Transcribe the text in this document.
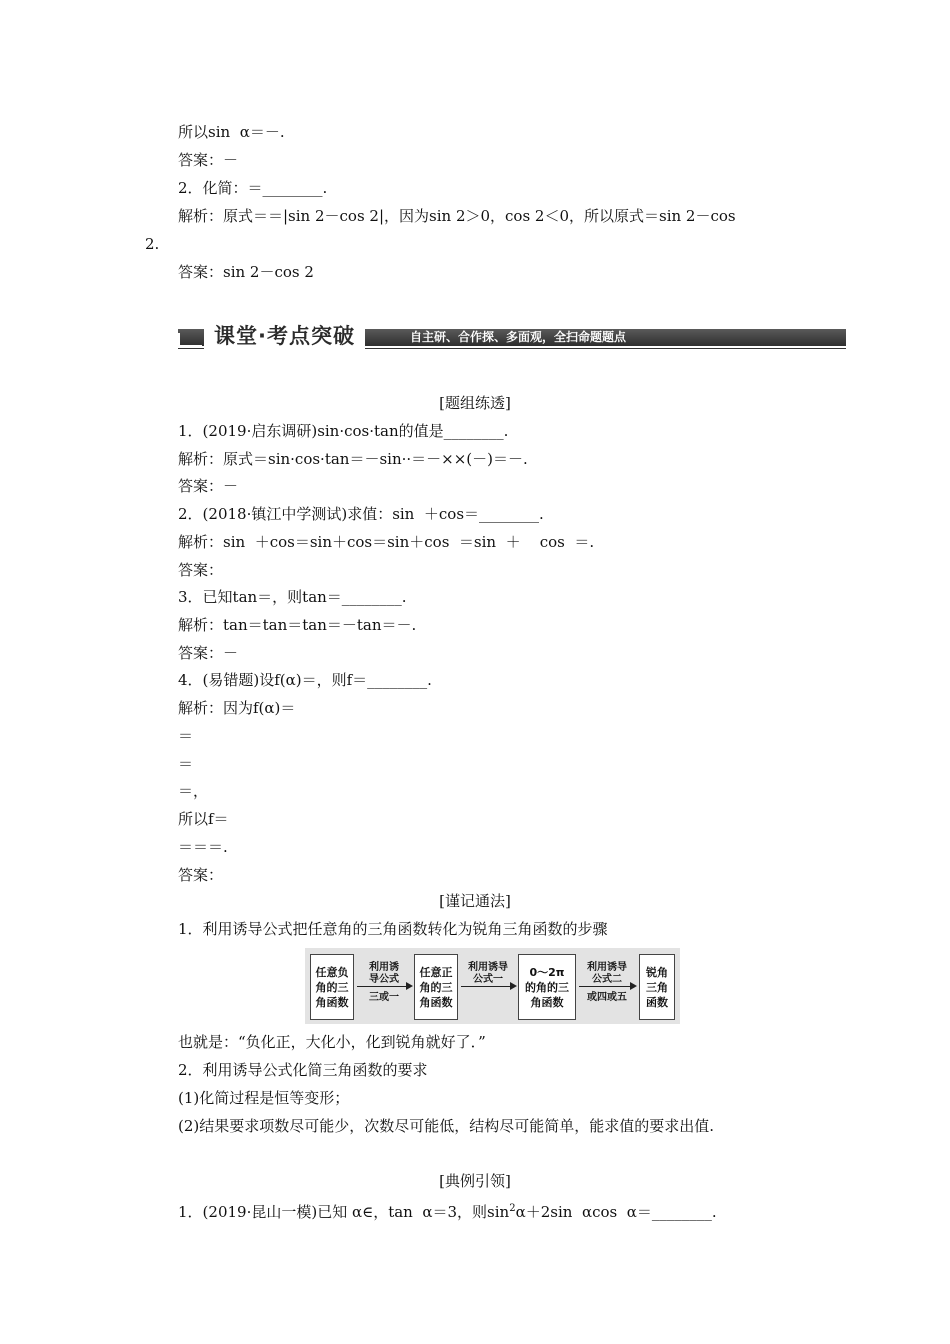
所以sin  α＝－.
答案：－
2．化简：＝________.
解析：原式＝＝|sin 2－cos 2|，因为sin 2＞0，cos 2＜0，所以原式＝sin 2－cos
2.
答案：sin 2－cos 2
课堂·考点突破	自主研、合作探、多面观，全扫命题题点
[题组练透]
1．(2019·启东调研)sin·cos·tan的值是________.
解析：原式＝sin·cos·tan＝－sin··＝－××(－)＝－.
答案：－
2．(2018·镇江中学测试)求值：sin  ＋cos＝________.
解析：sin  ＋cos＝sin＋cos＝sin＋cos  ＝sin  ＋    cos  ＝.
答案：
3．已知tan＝，则tan＝________.
解析：tan＝tan＝tan＝－tan＝－.
答案：－
4．(易错题)设f(α)＝，则f＝________.
解析：因为f(α)＝
＝
＝
＝，
所以f＝
＝＝＝.
答案：
[谨记通法]
1．利用诱导公式把任意角的三角函数转化为锐角三角函数的步骤
任意负
角的三
角函数
利用诱
导公式
三或一
任意正
角的三
角函数
利用诱导
公式一
0～2π
的角的三
角函数
利用诱导
公式二
或四或五
锐角
三角
函数
也就是：“负化正，大化小，化到锐角就好了．”
2．利用诱导公式化简三角函数的要求
(1)化简过程是恒等变形；
(2)结果要求项数尽可能少，次数尽可能低，结构尽可能简单，能求值的要求出值.
[典例引领]
1．(2019·昆山一模)已知 α∈，tan  α＝3，则$\sin^2\alpha+2\sin$  αcos  α＝________.
